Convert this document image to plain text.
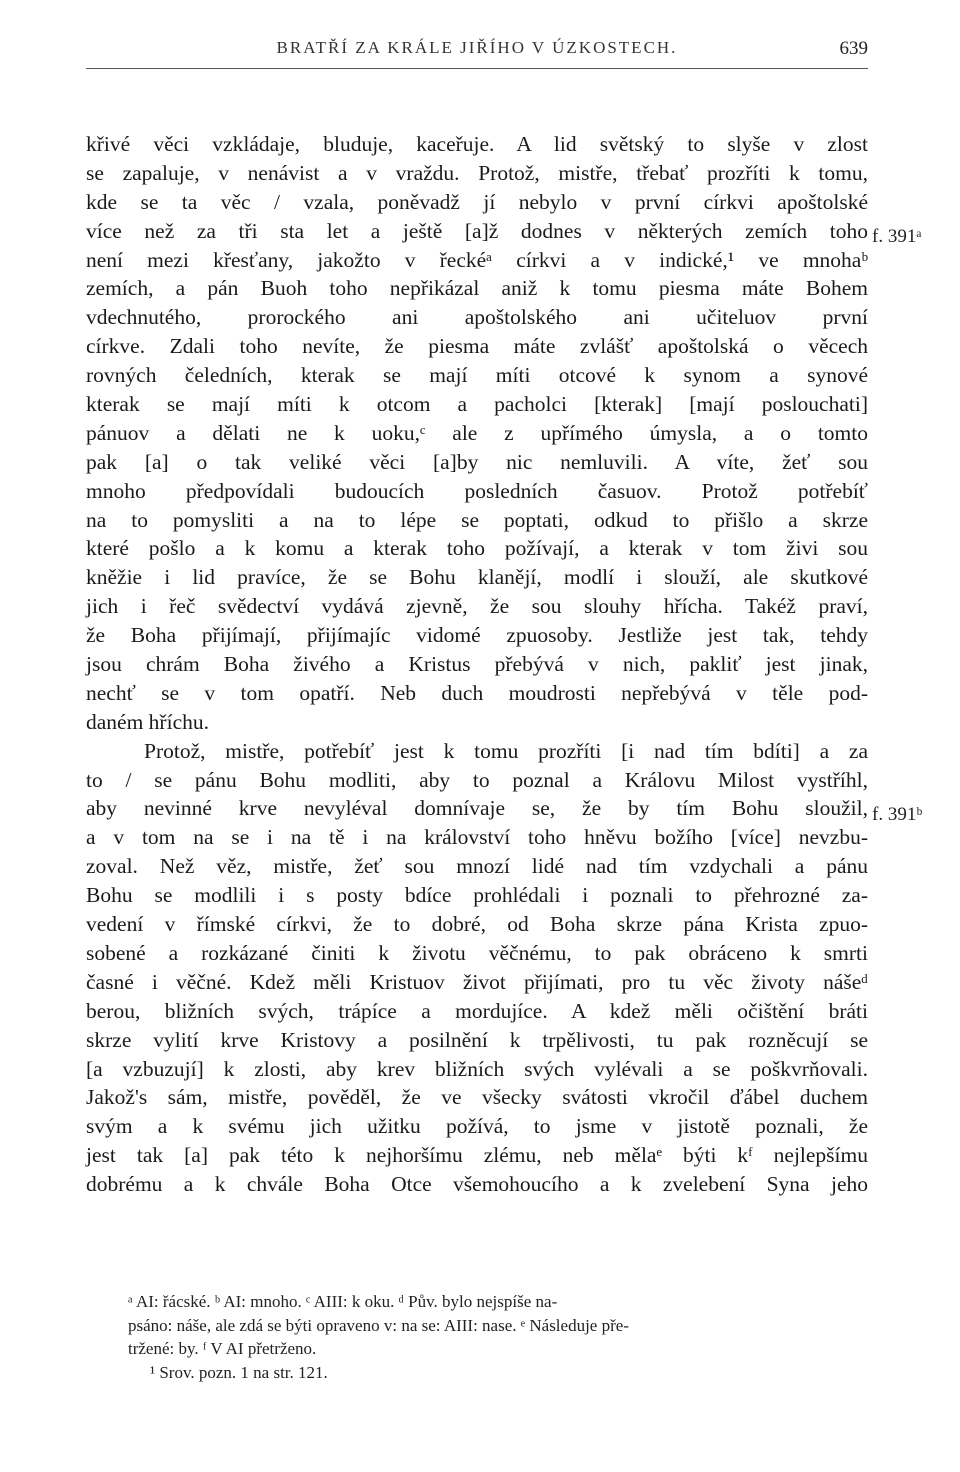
BRATŘÍ ZA KRÁLE JIŘÍHO V ÚZKOSTECH.	639
f. 391ᵃ
f. 391ᵇ
křivé věci vzkládaje, bluduje, kaceřuje. A lid světský to slyše v zlost
se zapaluje, v nenávist a v vraždu. Protož, mistře, třebať prozříti k tomu,
kde se ta věc / vzala, poněvadž jí nebylo v první církvi apoštolské
více než za tři sta let a ještě [a]ž dodnes v některých zemích toho
není mezi křesťany, jakožto v řeckéᵃ církvi a v indické,¹ ve mnohaᵇ
zemích, a pán Buoh toho nepřikázal aniž k tomu piesma máte Bohem
vdechnutého, prorockého ani apoštolského ani učiteluov první
církve. Zdali toho nevíte, že piesma máte zvlášť apoštolská o věcech
rovných čeledních, kterak se mají míti otcové k synom a synové
kterak se mají míti k otcom a pacholci [kterak] [mají poslouchati]
pánuov a dělati ne k uoku,ᶜ ale z upřímého úmysla, a o tomto
pak [a] o tak veliké věci [a]by nic nemluvili. A víte, žeť sou
mnoho předpovídali budoucích posledních časuov. Protož potřebíť
na to pomysliti a na to lépe se poptati, odkud to přišlo a skrze
které pošlo a k komu a kterak toho požívají, a kterak v tom živi sou
kněžie i lid pravíce, že se Bohu klanějí, modlí i slouží, ale skutkové
jich i řeč svědectví vydává zjevně, že sou slouhy hřícha. Takéž praví,
že Boha přijímají, přijímajíc vidomé zpuosoby. Jestliže jest tak, tehdy
jsou chrám Boha živého a Kristus přebývá v nich, pakliť jest jinak,
nechť se v tom opatří. Neb duch moudrosti nepřebývá v těle pod-
daném hříchu.
Protož, mistře, potřebíť jest k tomu prozříti [i nad tím bdíti] a za
to / se pánu Bohu modliti, aby to poznal a Královu Milost vystříhl,
aby nevinné krve nevyléval domnívaje se, že by tím Bohu sloužil,
a v tom na se i na tě i na království toho hněvu božího [více] nevzbu-
zoval. Než věz, mistře, žeť sou mnozí lidé nad tím vzdychali a pánu
Bohu se modlili i s posty bdíce prohlédali i poznali to přehrozné za-
vedení v římské církvi, že to dobré, od Boha skrze pána Krista zpuo-
sobené a rozkázané činiti k životu věčnému, to pak obráceno k smrti
časné i věčné. Kdež měli Kristuov život přijímati, pro tu věc životy nášeᵈ
berou, bližních svých, trápíce a mordujíce. A kdež měli očištění bráti
skrze vylití krve Kristovy a posilnění k trpělivosti, tu pak rozněcují se
[a vzbuzují] k zlosti, aby krev bližních svých vylévali a se poškvrňovali.
Jakož's sám, mistře, pověděl, že ve všecky svátosti vkročil ďábel duchem
svým a k svému jich užitku požívá, to jsme v jistotě poznali, že
jest tak [a] pak této k nejhoršímu zlému, neb mělaᵉ býti kᶠ nejlepšímu
dobrému a k chvále Boha Otce všemohoucího a k zvelebení Syna jeho
ᵃ AI: řácské. ᵇ AI: mnoho. ᶜ AIII: k oku. ᵈ Pův. bylo nejspíše na-
psáno: náše, ale zdá se býti opraveno v: na se: AIII: nase. ᵉ Následuje pře-
tržené: by. ᶠ V AI přetrženo.
¹ Srov. pozn. 1 na str. 121.
